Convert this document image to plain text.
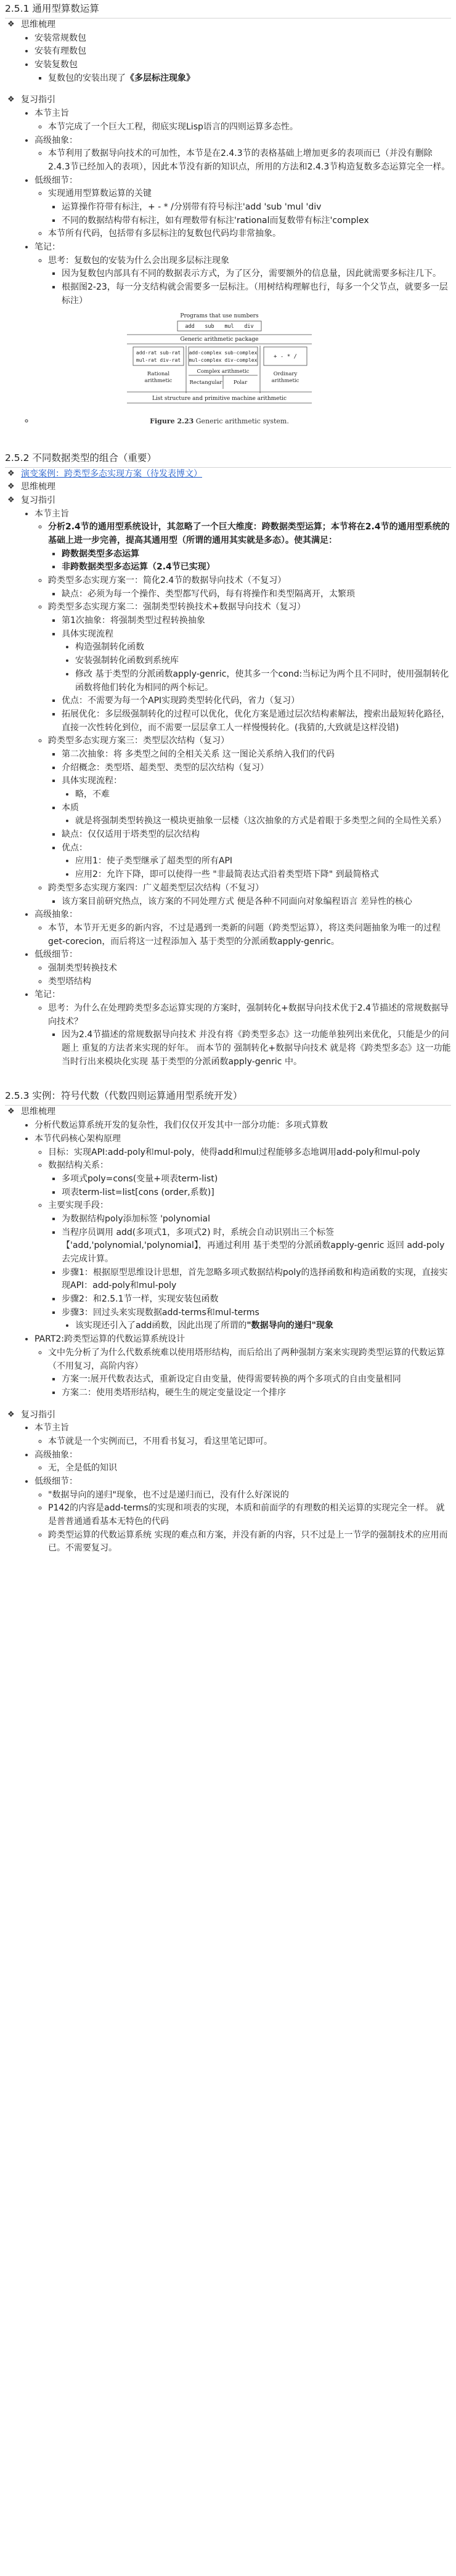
2.5.1 通用型算数运算
❖ 思维梳理
• 安装常规数包
• 安装有理数包
• 安装复数包
▪ 复数包的安装出现了《多层标注现象》
❖ 复习指引
• 本节主旨
◦ 本节完成了一个巨大工程，彻底实现Lisp语言的四则运算多态性。
• 高级抽象：
◦ 本节利用了数据导向技术的可加性，本节是在2.4.3节的表格基础上增加更多的表项而已（并没有删除2.4.3节已经加入的表项），因此本节没有新的知识点，所用的方法和2.4.3节构造复数多态运算完全一样。
• 低级细节：
◦ 实现通用型算数运算的关键
▪ 运算操作符带有标注，+ - * /分别带有符号标注'add 'sub 'mul 'div
▪ 不同的数据结构带有标注，如有理数带有标注'rational而复数带有标注'complex
◦ 本节所有代码，包括带有多层标注的复数包代码均非常抽象。
• 笔记：
◦ 思考：复数包的安装为什么会出现多层标注现象
▪ 因为复数包内部具有不同的数据表示方式，为了区分，需要额外的信息量，因此就需要多标注几下。
▪ 根据图2-23，每一分支结构就会需要多一层标注。（用树结构理解也行，每多一个父节点，就要多一层标注）
◦ Programs that use numbers
add sub mul div
Generic arithmetic package
add-rat sub-rat
mul-rat div-rat
add-complex sub-complex
mul-complex div-complex
+ - * /
Rational
arithmetic
Complex arithmetic
Rectangular Polar
Ordinary
arithmetic
List structure and primitive machine arithmetic
Figure 2.23 Generic arithmetic system.
2.5.2 不同数据类型的组合（重要）
❖ 演变案例：跨类型多态实现方案（待发表博文）
❖ 思维梳理
❖ 复习指引
• 本节主旨
◦ 分析2.4节的通用型系统设计，其忽略了一个巨大维度：跨数据类型运算；本节将在2.4节的通用型系统的基础上进一步完善，提高其通用型（所谓的通用其实就是多态）。使其满足：
▪ 跨数据类型多态运算
▪ 非跨数据类型多态运算（2.4节已实现）
◦ 跨类型多态实现方案一：简化2.4节的数据导向技术（不复习）
▪ 缺点：必须为每一个操作、类型都写代码，每有将操作和类型隔离开，太繁琐
◦ 跨类型多态实现方案二：强制类型转换技术+数据导向技术（复习）
▪ 第1次抽象：将强制类型过程转换抽象
▪ 具体实现流程
• 构造强制转化函数
• 安装强制转化函数到系统库
• 修改 基于类型的分派函数apply-genric，使其多一个cond:当标记为两个且不同时，使用强制转化函数将他们转化为相同的两个标记。
▪ 优点：不需要为每一个API实现跨类型转化代码，省力（复习）
▪ 拓展优化：多层级强制转化的过程可以优化，优化方案是通过层次结构素解法，搜索出最短转化路径，直接一次性转化到位，而不需要一层层拿工人一样慢慢转化。(我猜的,大致就是这样没错)
◦ 跨类型多态实现方案三：类型层次结构（复习）
▪ 第二次抽象：将 多类型之间的全相关关系 这一图论关系纳入我们的代码
▪ 介绍概念：类型塔、超类型、类型的层次结构（复习）
▪ 具体实现流程：
• 略，不难
▪ 本质
• 就是将强制类型转换这一模块更抽象一层楼（这次抽象的方式是着眼于多类型之间的全局性关系）
▪ 缺点：仅仅适用于塔类型的层次结构
▪ 优点：
• 应用1：使子类型继承了超类型的所有API
• 应用2：允许下降，即可以使得一些 "非最简表达式沿着类型塔下降" 到最简格式
◦ 跨类型多态实现方案四：广义超类型层次结构（不复习）
▪ 该方案目前研究热点，该方案的不同处理方式 便是各种不同面向对象编程语言 差异性的核心
• 高级抽象：
◦ 本节，本节开无更多的新内容，不过是遇到一类新的问题（跨类型运算），将这类问题抽象为唯一的过程get-corecion，而后将这一过程添加入 基于类型的分派函数apply-genric。
• 低级细节：
◦ 强制类型转换技术
◦ 类型塔结构
• 笔记：
◦ 思考：为什么在处理跨类型多态运算实现的方案时，强制转化+数据导向技术优于2.4节描述的常规数据导向技术？
▪ 因为2.4节描述的常规数据导向技术 并没有将《跨类型多态》这一功能单独列出来优化，只能是少的问题上 重复的方法者来实现的好年。 而本节的 强制转化+数据导向技术 就是将《跨类型多态》这一功能当时行出来模块化实现 基于类型的分派函数apply-genric 中。
2.5.3 实例：符号代数（代数四则运算通用型系统开发）
❖ 思维梳理
• 分析代数运算系统开发的复杂性，我们仅仅开发其中一部分功能：多项式算数
• 本节代码核心架构原理
◦ 目标：实现API:add-poly和mul-poly，使得add和mul过程能够多态地调用add-poly和mul-poly
◦ 数据结构关系：
▪ 多项式poly=cons(变量+项表term-list)
▪ 项表term-list=list[cons (order,系数)]
◦ 主要实现手段：
▪ 为数据结构poly添加标签 'polynomial
▪ 当程序员调用 add(多项式1，多项式2) 时，系统会自动识别出三个标签【'add,'polynomial,'polynomial】，再通过利用 基于类型的分派函数apply-genric 返回 add-poly去完成计算。
▪ 步骤1：根据原型思维设计思想，首先忽略多项式数据结构poly的选择函数和构造函数的实现，直接实现API：add-poly和mul-poly
▪ 步骤2：和2.5.1节一样，实现安装包函数
▪ 步骤3：回过头来实现数据add-terms和mul-terms
• 该实现还引入了add函数，因此出现了所谓的"数据导向的递归"现象
• PART2:跨类型运算的代数运算系统设计
◦ 文中先分析了为什么代数系统难以使用塔形结构，而后给出了两种强制方案来实现跨类型运算的代数运算（不用复习，高阶内容）
▪ 方案一:展开代数表达式，重新设定自由变量，使得需要转换的两个多项式的自由变量相同
▪ 方案二：使用类塔形结构，硬生生的规定变量设定一个排序
❖ 复习指引
• 本节主旨
◦ 本节就是一个实例而已，不用看书复习，看这里笔记即可。
• 高级抽象：
◦ 无，全是低的知识
• 低级细节：
◦ "数据导向的递归"现象，也不过是递归而已，没有什么好深说的
◦ P142的内容是add-terms的实现和项表的实现，本质和前面学的有理数的相关运算的实现完全一样。 就是普普通通看基本无特色的代码
◦ 跨类型运算的代数运算系统 实现的难点和方案，并没有新的内容，只不过是上一节学的强制技术的应用而已。不需要复习。
